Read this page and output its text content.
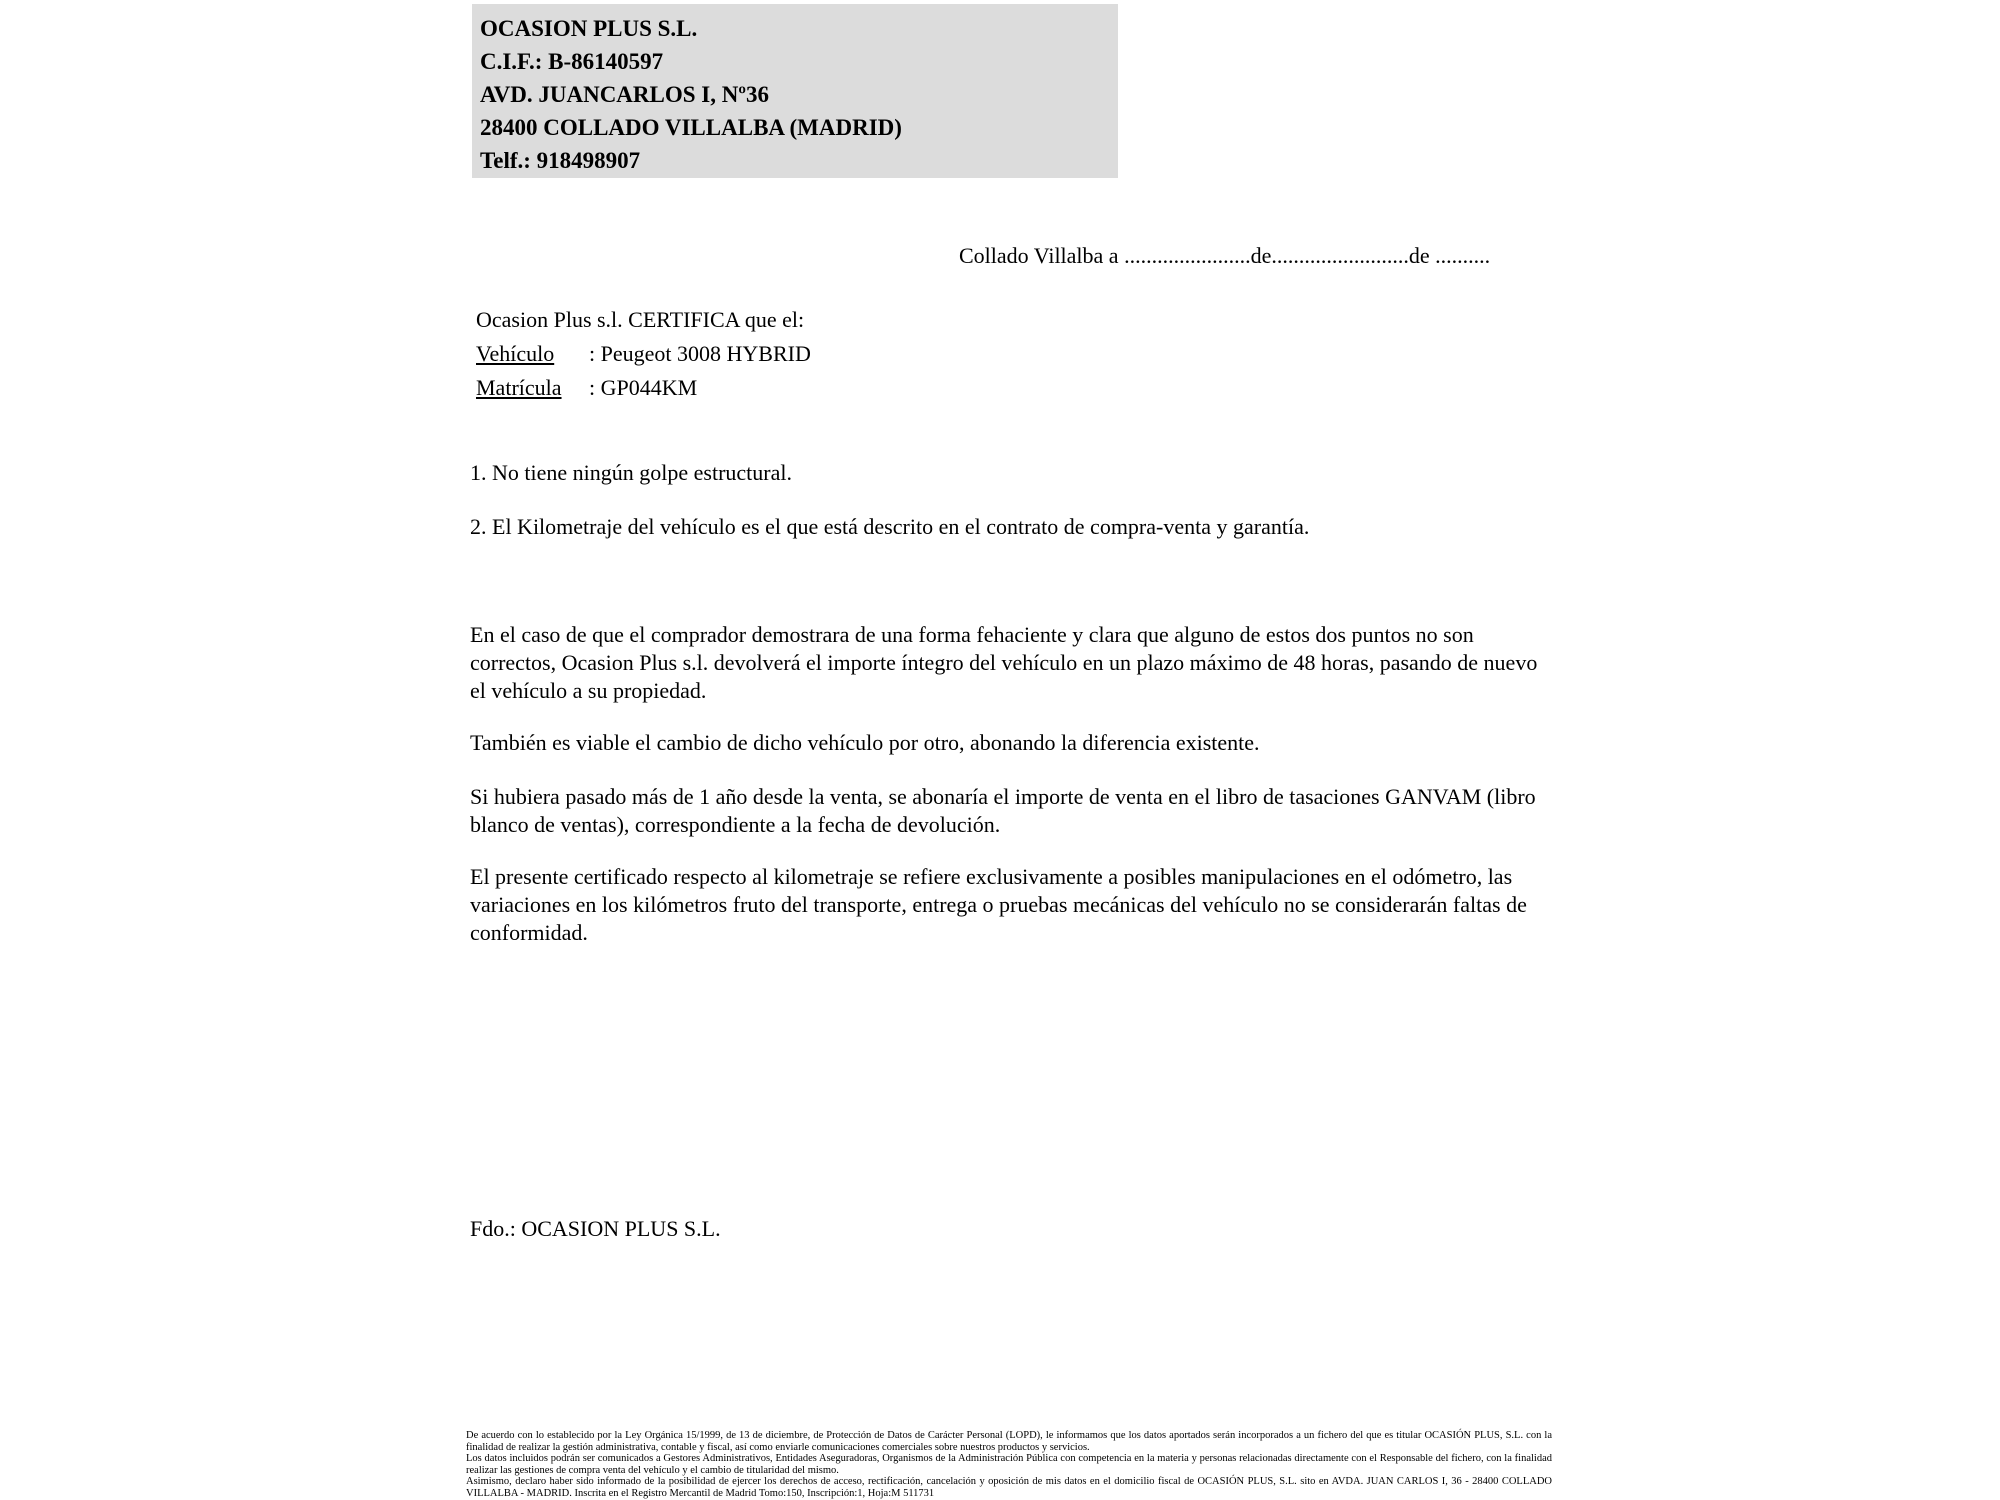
OCASION PLUS S.L.
C.I.F.: B-86140597
AVD. JUANCARLOS I, Nº36
28400 COLLADO VILLALBA (MADRID)
Telf.: 918498907
Collado Villalba a .......................de.........................de ..........
Ocasion Plus s.l. CERTIFICA que el:
Vehículo : Peugeot 3008 HYBRID
Matrícula : GP044KM
1. No tiene ningún golpe estructural.
2. El Kilometraje del vehículo es el que está descrito en el contrato de compra-venta y garantía.
En el caso de que el comprador demostrara de una forma fehaciente y clara que alguno de estos dos puntos no son correctos, Ocasion Plus s.l. devolverá el importe íntegro del vehículo en un plazo máximo de 48 horas, pasando de nuevo el vehículo a su propiedad.
También es viable el cambio de dicho vehículo por otro, abonando la diferencia existente.
Si hubiera pasado más de 1 año desde la venta, se abonaría el importe de venta en el libro de tasaciones GANVAM (libro blanco de ventas), correspondiente a la fecha de devolución.
El presente certificado respecto al kilometraje se refiere exclusivamente a posibles manipulaciones en el odómetro, las variaciones en los kilómetros fruto del transporte, entrega o pruebas mecánicas del vehículo no se considerarán faltas de conformidad.
Fdo.: OCASION PLUS S.L.
De acuerdo con lo establecido por la Ley Orgánica 15/1999, de 13 de diciembre, de Protección de Datos de Carácter Personal (LOPD), le informamos que los datos aportados serán incorporados a un fichero del que es titular OCASIÓN PLUS, S.L. con la finalidad de realizar la gestión administrativa, contable y fiscal, así como enviarle comunicaciones comerciales sobre nuestros productos y servicios.
Los datos incluidos podrán ser comunicados a Gestores Administrativos, Entidades Aseguradoras, Organismos de la Administración Pública con competencia en la materia y personas relacionadas directamente con el Responsable del fichero, con la finalidad realizar las gestiones de compra venta del vehículo y el cambio de titularidad del mismo.
Asimismo, declaro haber sido informado de la posibilidad de ejercer los derechos de acceso, rectificación, cancelación y oposición de mis datos en el domicilio fiscal de OCASIÓN PLUS, S.L. sito en AVDA. JUAN CARLOS I, 36 - 28400 COLLADO VILLALBA - MADRID. Inscrita en el Registro Mercantil de Madrid Tomo:150, Inscripción:1, Hoja:M 511731
